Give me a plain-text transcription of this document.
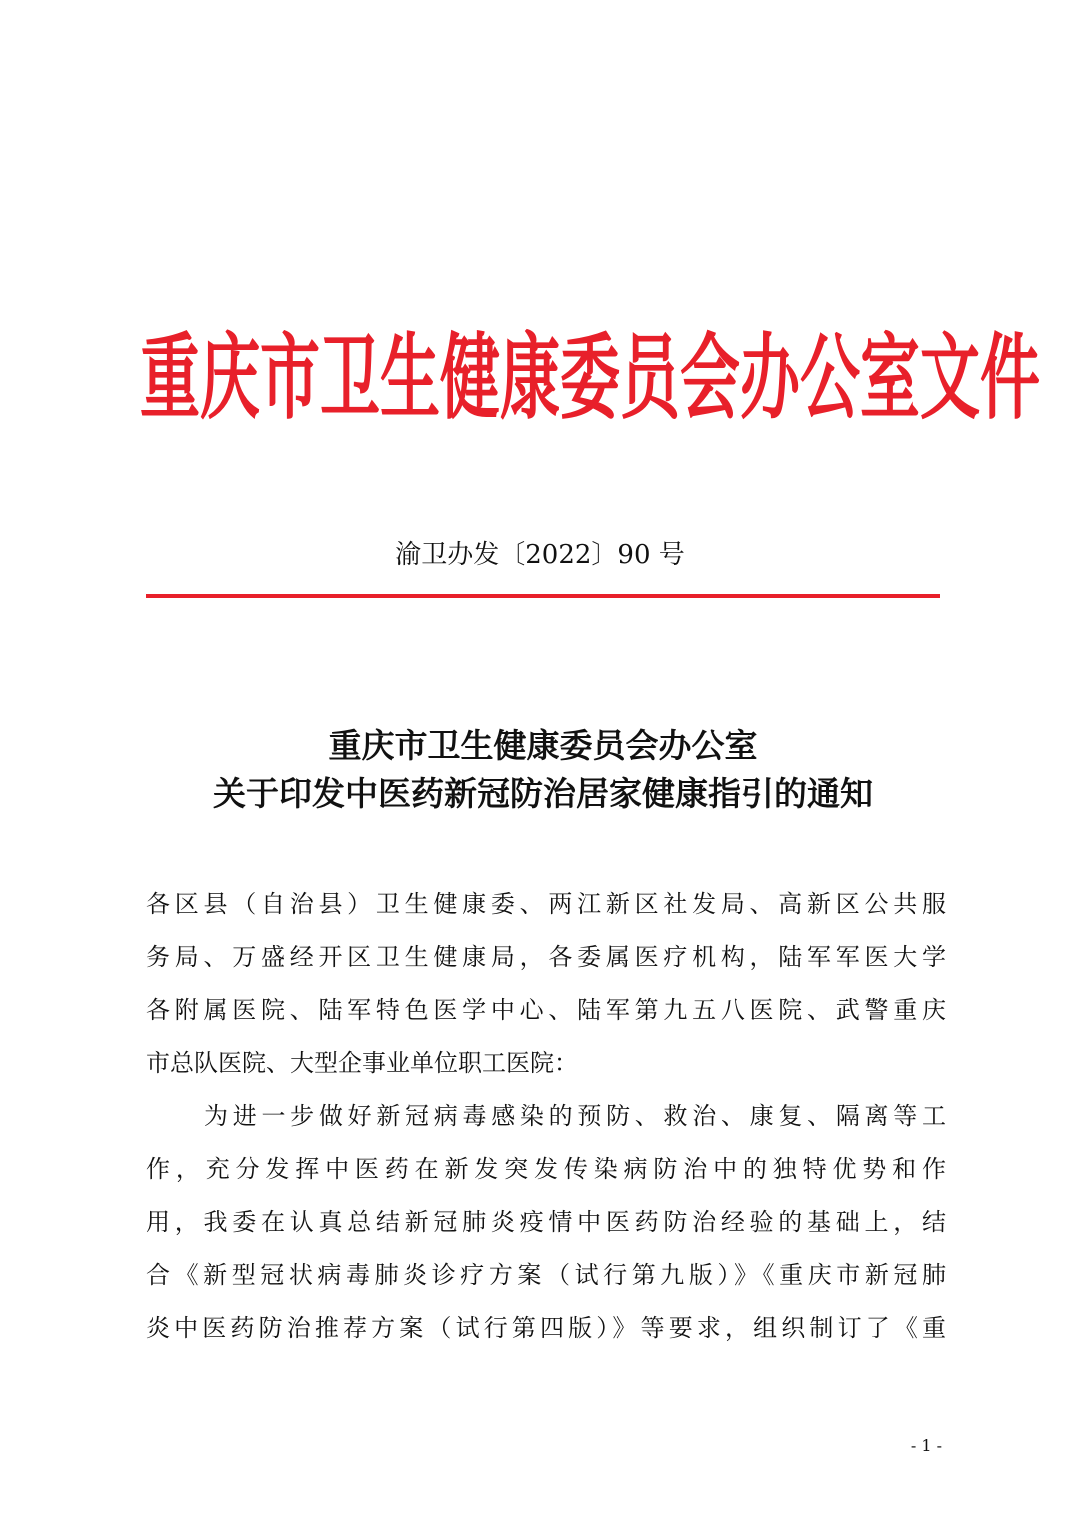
重庆市卫生健康委员会办公室文件
渝卫办发〔2022〕90 号
重庆市卫生健康委员会办公室
关于印发中医药新冠防治居家健康指引的通知
各区县（自治县）卫生健康委、两江新区社发局、高新区公共服
务局、万盛经开区卫生健康局，各委属医疗机构，陆军军医大学
各附属医院、陆军特色医学中心、陆军第九五八医院、武警重庆
市总队医院、大型企事业单位职工医院：
为进一步做好新冠病毒感染的预防、救治、康复、隔离等工
作，充分发挥中医药在新发突发传染病防治中的独特优势和作
用，我委在认真总结新冠肺炎疫情中医药防治经验的基础上，结
合《新型冠状病毒肺炎诊疗方案（试行第九版）》《重庆市新冠肺
炎中医药防治推荐方案（试行第四版）》等要求，组织制订了《重
- 1 -
